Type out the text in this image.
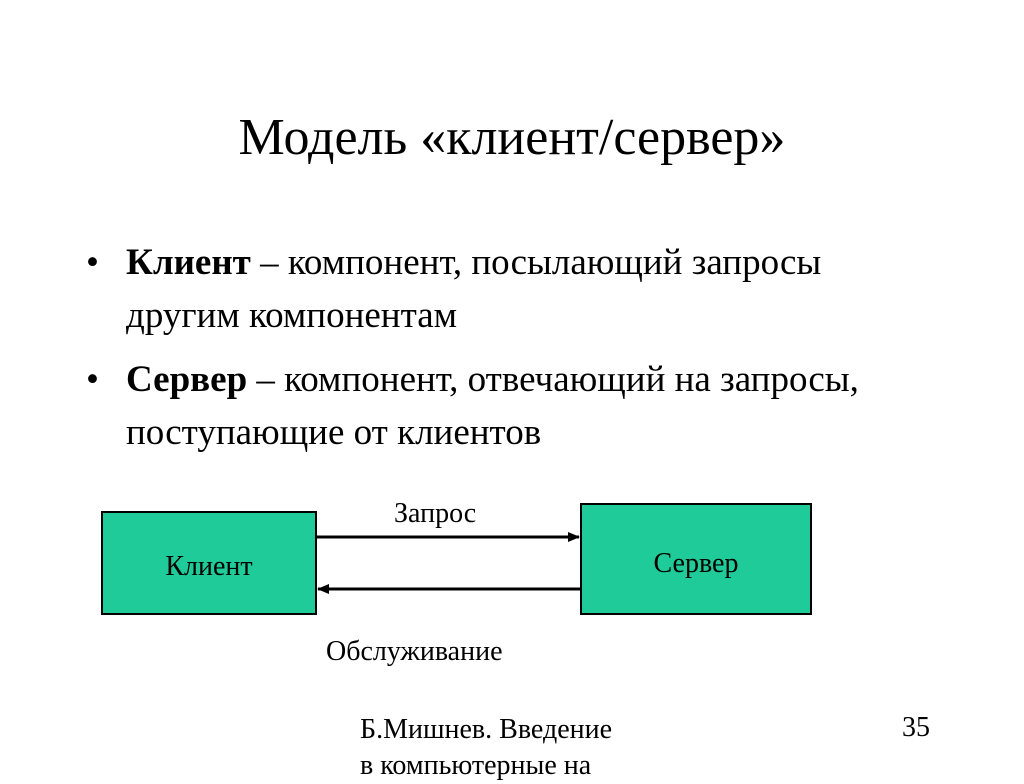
Модель «клиент/сервер»
• Клиент – компонент, посылающий запросы другим компонентам
• Сервер – компонент, отвечающий на запросы, поступающие от клиентов
Клиент	Сервер
Запрос
Обслуживание
Б.Мишнев. Введение
в компьютерные на
35
